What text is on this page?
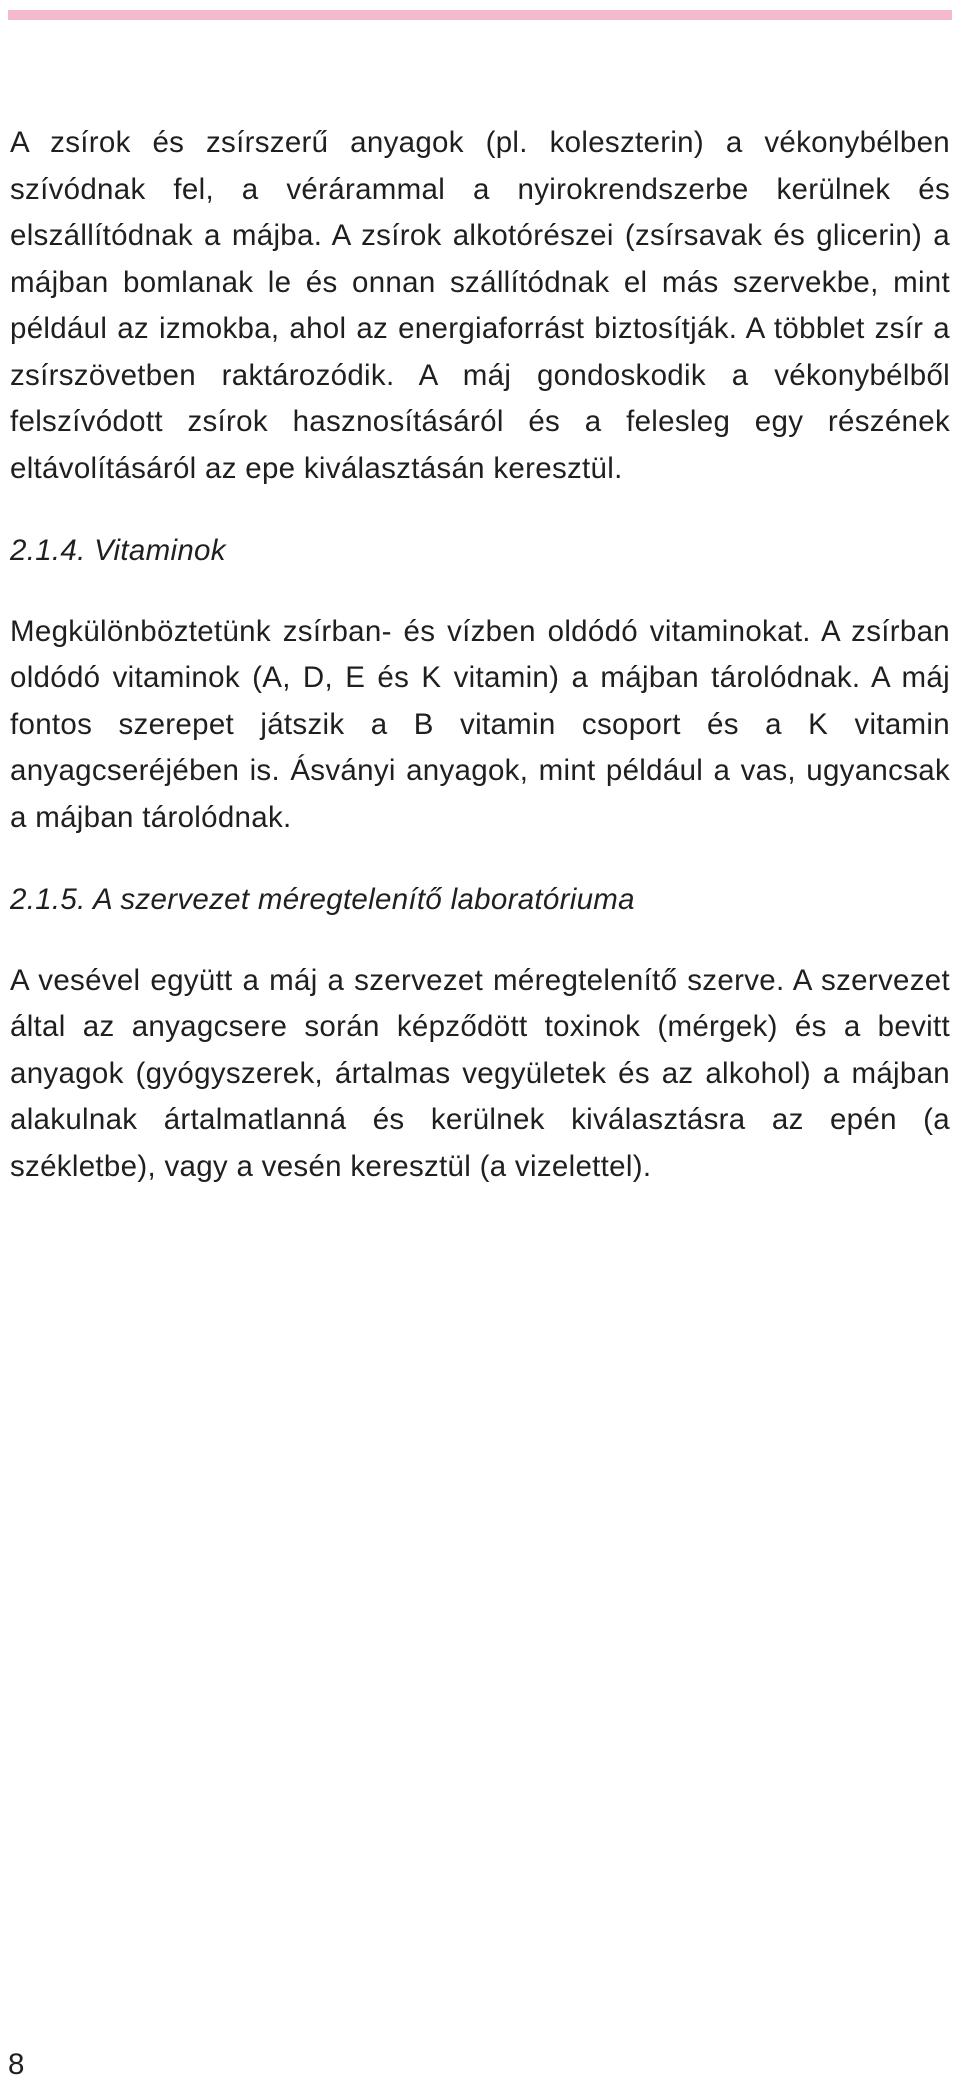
A zsírok és zsírszerű anyagok (pl. koleszterin) a vékonybélben szívódnak fel, a vérárammal a nyirokrendszerbe kerülnek és elszállítódnak a májba. A zsírok alkotórészei (zsírsavak és glicerin) a májban bomlanak le és onnan szállítódnak el más szervekbe, mint például az izmokba, ahol az energiaforrást biztosítják. A többlet zsír a zsírszövetben raktározódik. A máj gondoskodik a vékonybélből felszívódott zsírok hasznosításáról és a felesleg egy részének eltávolításáról az epe kiválasztásán keresztül.

2.1.4. Vitaminok

Megkülönböztetünk zsírban- és vízben oldódó vitaminokat. A zsírban oldódó vitaminok (A, D, E és K vitamin) a májban tárolódnak. A máj fontos szerepet játszik a B vitamin csoport és a K vitamin anyagcseréjében is. Ásványi anyagok, mint például a vas, ugyancsak a májban tárolódnak.

2.1.5. A szervezet méregtelenítő laboratóriuma

A vesével együtt a máj a szervezet méregtelenítő szerve. A szervezet által az anyagcsere során képződött toxinok (mérgek) és a bevitt anyagok (gyógyszerek, ártalmas vegyületek és az alkohol) a májban alakulnak ártalmatlanná és kerülnek kiválasztásra az epén (a székletbe), vagy a vesén keresztül (a vizelettel).

8
